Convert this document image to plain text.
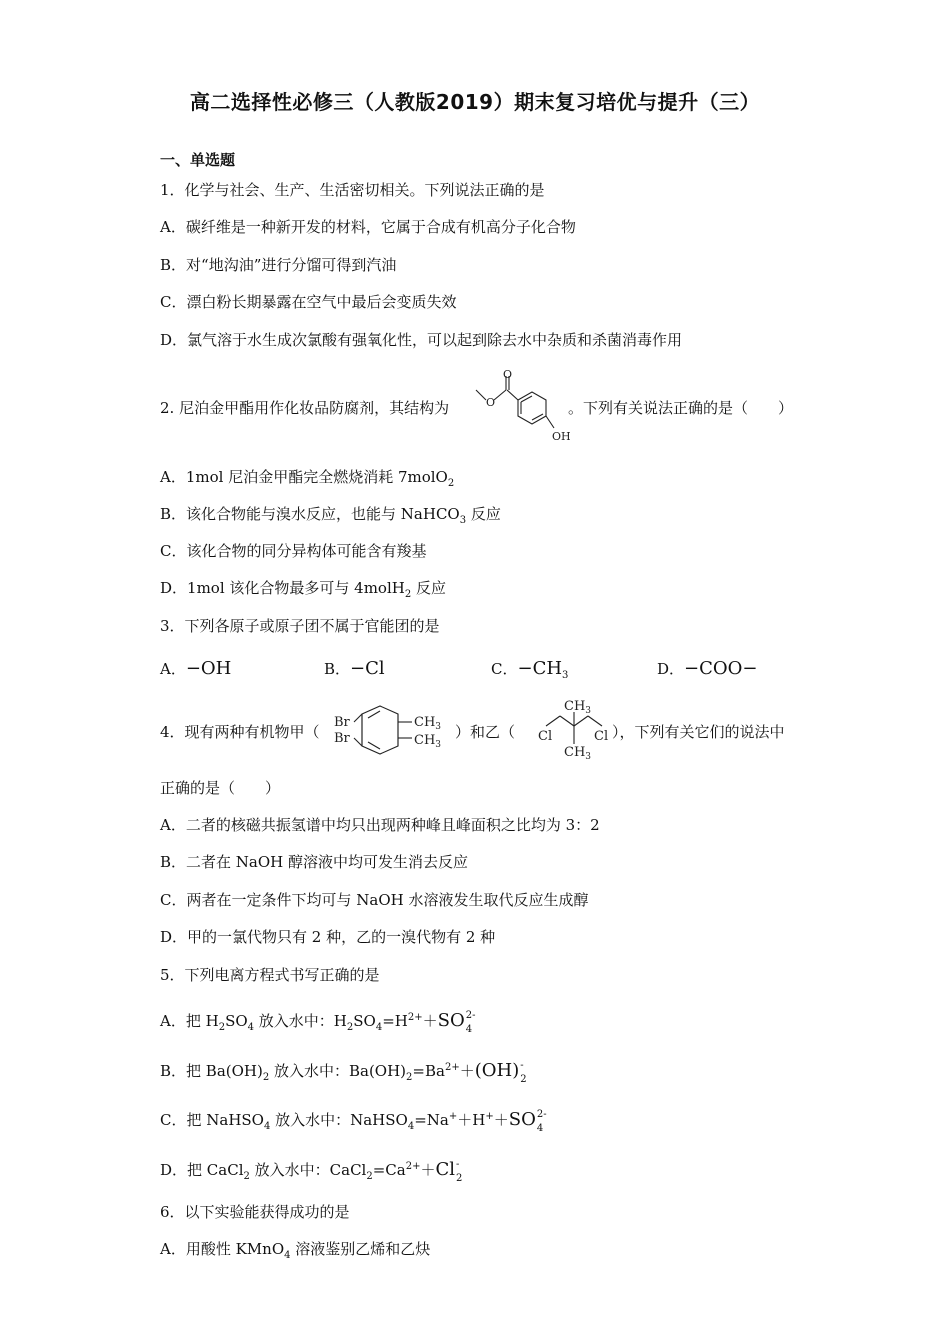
高二选择性必修三（人教版2019）期末复习培优与提升（三）
一、单选题
1．化学与社会、生产、生活密切相关。下列说法正确的是
A．碳纤维是一种新开发的材料，它属于合成有机高分子化合物
B．对“地沟油”进行分馏可得到汽油
C．漂白粉长期暴露在空气中最后会变质失效
D．氯气溶于水生成次氯酸有强氧化性，可以起到除去水中杂质和杀菌消毒作用
2. 尼泊金甲酯用作化妆品防腐剂，其结构为
O
O
OH
。下列有关说法正确的是（　　）
A．1mol 尼泊金甲酯完全燃烧消耗 7molO$_2$
B．该化合物能与溴水反应，也能与 NaHCO$_3$ 反应
C．该化合物的同分异构体可能含有羧基
D．1mol 该化合物最多可与 4molH$_2$ 反应
3．下列各原子或原子团不属于官能团的是
A．−OH	B．−Cl	C．$-CH_3$	D．−COO−
4．现有两种有机物甲（
Br
Br
$CH_3$
$CH_3$
）和乙（
$CH_3$
$CH_3$
Cl	Cl ），下列有关它们的说法中
正确的是（　　）
A．二者的核磁共振氢谱中均只出现两种峰且峰面积之比均为 3：2
B．二者在 NaOH 醇溶液中均可发生消去反应
C．两者在一定条件下均可与 NaOH 水溶液发生取代反应生成醇
D．甲的一氯代物只有 2 种，乙的一溴代物有 2 种
5．下列电离方程式书写正确的是
A．把 $H_2SO_4$ 放入水中：$H_2SO_4=H^{2+}+SO$ 2-
4
B．把 $Ba(OH)_2$ 放入水中：$Ba(OH)_2=Ba^{2+}+(OH)$ -
2
C．把 NaHSO$_4$ 放入水中：NaHSO$_4$=Na+＋H+＋SO 2-
4
D．把 CaCl$_2$ 放入水中：$CaCl_2=Ca^{2+}+Cl$ -
2
6．以下实验能获得成功的是
A．用酸性 KMnO$_4$ 溶液鉴别乙烯和乙炔
